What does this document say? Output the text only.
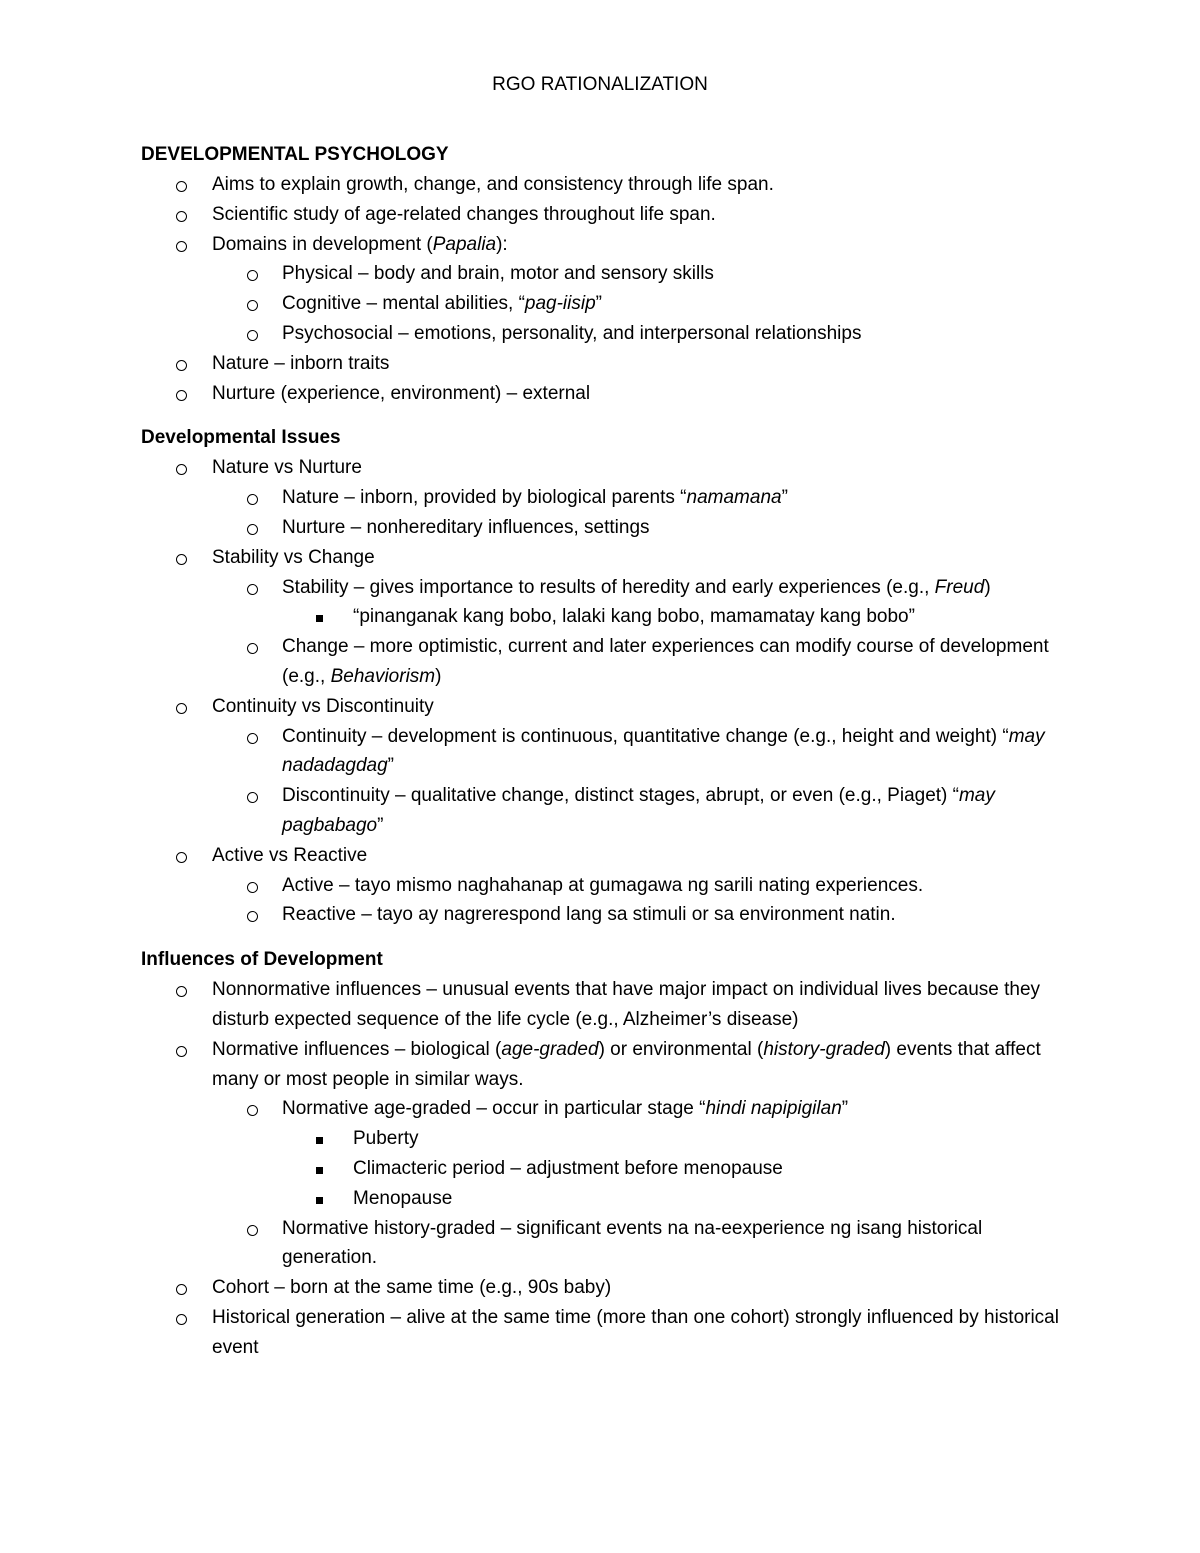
RGO RATIONALIZATION
DEVELOPMENTAL PSYCHOLOGY
Aims to explain growth, change, and consistency through life span.
Scientific study of age-related changes throughout life span.
Domains in development (Papalia):
Physical – body and brain, motor and sensory skills
Cognitive – mental abilities, “pag-iisip”
Psychosocial – emotions, personality, and interpersonal relationships
Nature – inborn traits
Nurture (experience, environment) – external
Developmental Issues
Nature vs Nurture
Nature – inborn, provided by biological parents “namamana”
Nurture – nonhereditary influences, settings
Stability vs Change
Stability – gives importance to results of heredity and early experiences (e.g., Freud)
“pinanganak kang bobo, lalaki kang bobo, mamamatay kang bobo”
Change – more optimistic, current and later experiences can modify course of development (e.g., Behaviorism)
Continuity vs Discontinuity
Continuity – development is continuous, quantitative change (e.g., height and weight) “may nadadagdag”
Discontinuity – qualitative change, distinct stages, abrupt, or even (e.g., Piaget) “may pagbabago”
Active vs Reactive
Active – tayo mismo naghahanap at gumagawa ng sarili nating experiences.
Reactive – tayo ay nagrerespond lang sa stimuli or sa environment natin.
Influences of Development
Nonnormative influences – unusual events that have major impact on individual lives because they disturb expected sequence of the life cycle (e.g., Alzheimer’s disease)
Normative influences – biological (age-graded) or environmental (history-graded) events that affect many or most people in similar ways.
Normative age-graded – occur in particular stage “hindi napipigilan”
Puberty
Climacteric period – adjustment before menopause
Menopause
Normative history-graded – significant events na na-eexperience ng isang historical generation.
Cohort – born at the same time (e.g., 90s baby)
Historical generation – alive at the same time (more than one cohort) strongly influenced by historical event
